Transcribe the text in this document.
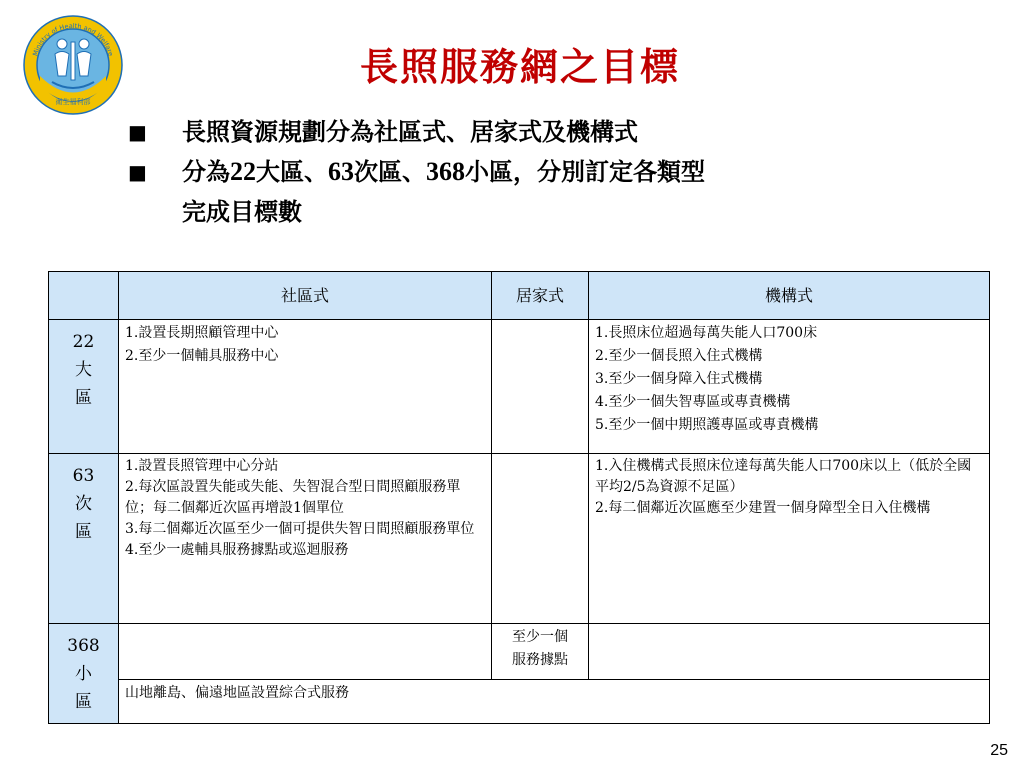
衛生福利部
Ministry of Health and Welfare	長照服務網之目標
■	長照資源規劃分為社區式、居家式及機構式
■	分為22大區、63次區、368小區，分別訂定各類型
完成目標數
	社區式	居家式	機構式

22
大
區	1.設置長期照顧管理中心
2.至少一個輔具服務中心		1.長照床位超過每萬失能人口700床
2.至少一個長照入住式機構
3.至少一個身障入住式機構
4.至少一個失智專區或專責機構
5.至少一個中期照護專區或專責機構

63
次
區	1.設置長照管理中心分站
2.每次區設置失能或失能、失智混合型日間照顧服務單位；每二個鄰近次區再增設1個單位
3.每二個鄰近次區至少一個可提供失智日間照顧服務單位
4.至少一處輔具服務據點或巡迴服務		1.入住機構式長照床位達每萬失能人口700床以上（低於全國平均2/5為資源不足區）
2.每二個鄰近次區應至少建置一個身障型全日入住機構

368
小
區		至少一個
服務據點	

	山地離島、偏遠地區設置綜合式服務		
25
